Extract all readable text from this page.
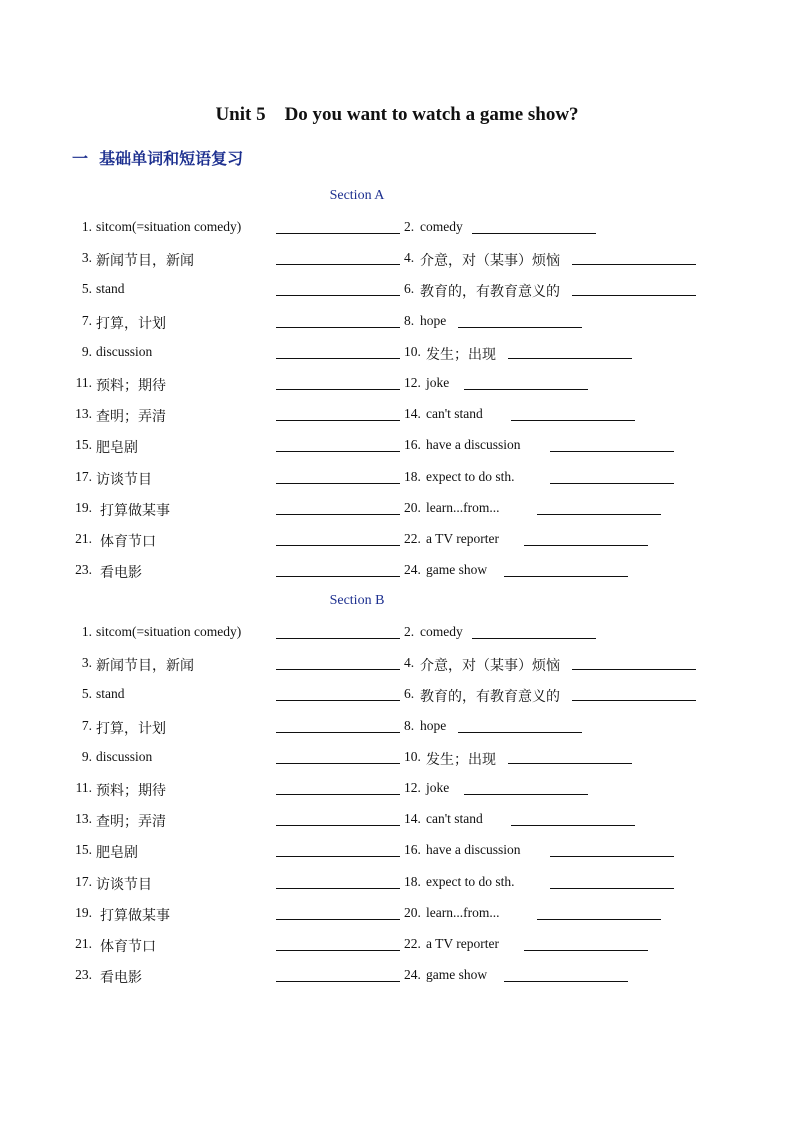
Unit 5    Do you want to watch a game show?
一  基础单词和短语复习
Section A
1. sitcom(=situation comedy)	2. comedy
3. 新闻节目，新闻	4. 介意，对（某事）烦恼
5. stand	6. 教育的，有教育意义的
7. 打算，计划	8. hope
9. discussion	10. 发生；出现
11. 预料；期待	12. joke
13. 查明；弄清	14. can't stand
15. 肥皂剧	16. have a discussion
17. 访谈节目	18. expect to do sth.
19. 打算做某事	20. learn...from...
21. 体育节口	22. a TV reporter
23. 看电影	24. game show
Section B
1. sitcom(=situation comedy)	2. comedy
3. 新闻节目，新闻	4. 介意，对（某事）烦恼
5. stand	6. 教育的，有教育意义的
7. 打算，计划	8. hope
9. discussion	10. 发生；出现
11. 预料；期待	12. joke
13. 查明；弄清	14. can't stand
15. 肥皂剧	16. have a discussion
17. 访谈节目	18. expect to do sth.
19. 打算做某事	20. learn...from...
21. 体育节口	22. a TV reporter
23. 看电影	24. game show
